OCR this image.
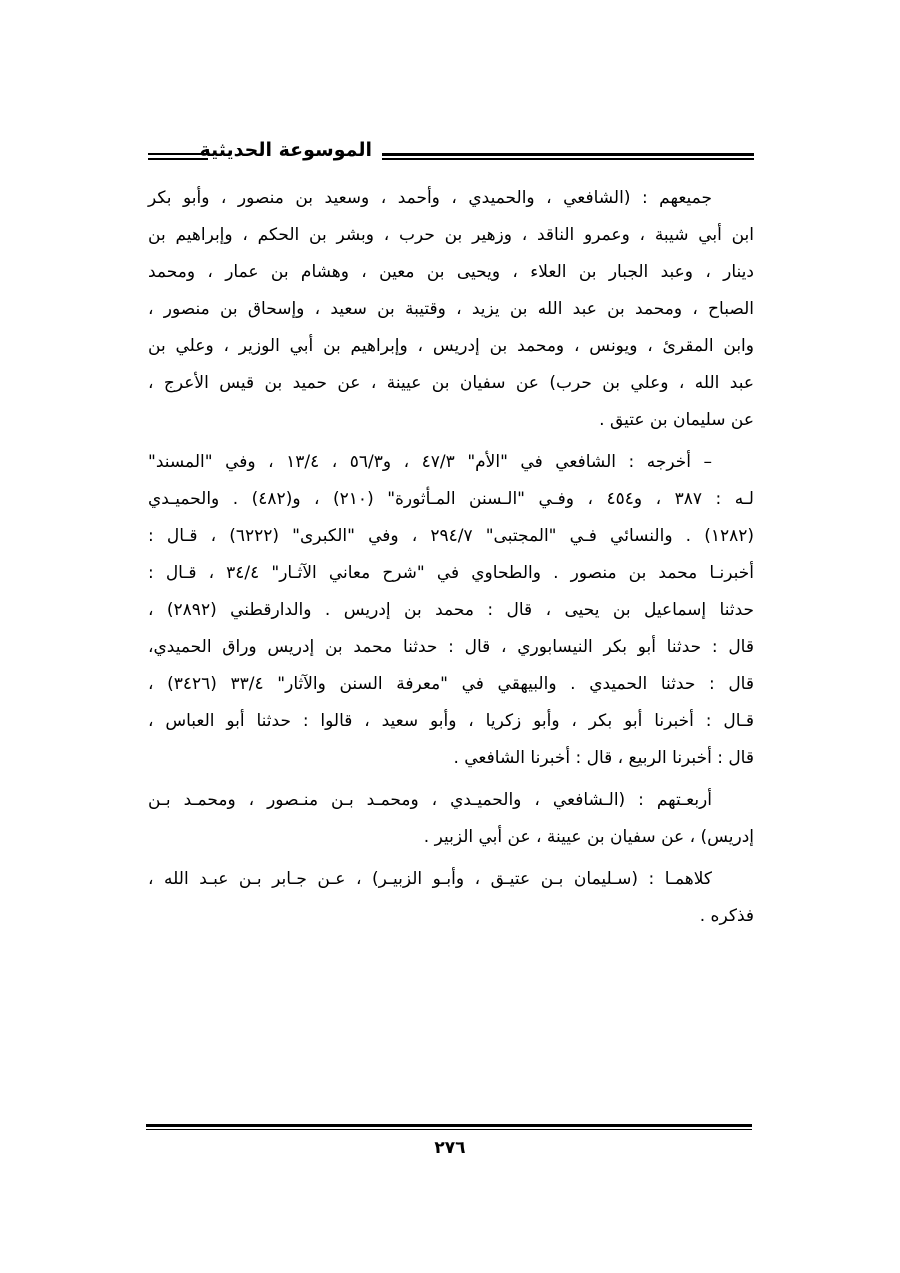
الموسوعة الحديثية
جميعهم : (الشافعي ، والحميدي ، وأحمد ، وسعيد بن منصور ، وأبو بكر
ابن أبي شيبة ، وعمرو الناقد ، وزهير بن حرب ، وبشر بن الحكم ، وإبراهيم بن
دينار ، وعبد الجبار بن العلاء ، ويحيى بن معين ، وهشام بن عمار ، ومحمد
الصباح ، ومحمد بن عبد الله بن يزيد ، وقتيبة بن سعيد ، وإسحاق بن منصور ،
وابن المقرئ ، ويونس ، ومحمد بن إدريس ، وإبراهيم بن أبي الوزير ، وعلي بن
عبد الله ، وعلي بن حرب) عن سفيان بن عيينة ، عن حميد بن قيس الأعرج ،
عن سليمان بن عتيق .
– أخرجه : الشافعي في "الأم" ٤٧/٣ ، و٥٦/٣ ، ١٣/٤ ، وفي "المسند"
لـه : ٣٨٧ ، و٤٥٤ ، وفـي "الـسنن المـأثورة" (٢١٠) ، و(٤٨٢) . والحميـدي
(١٢٨٢) . والنسائي فـي "المجتبى" ٢٩٤/٧ ، وفي "الكبرى" (٦٢٢٢) ، قـال :
أخبرنـا محمد بن منصور . والطحاوي في "شرح معاني الآثـار" ٣٤/٤ ، قـال :
حدثنا إسماعيل بن يحيى ، قال : محمد بن إدريس . والدارقطني (٢٨٩٢) ،
قال : حدثنا أبو بكر النيسابوري ، قال : حدثنا محمد بن إدريس وراق الحميدي،
قال : حدثنا الحميدي . والبيهقي في "معرفة السنن والآثار" ٣٣/٤ (٣٤٢٦) ،
قـال : أخبرنا أبو بكر ، وأبو زكريا ، وأبو سعيد ، قالوا : حدثنا أبو العباس ،
قال : أخبرنا الربيع ، قال : أخبرنا الشافعي .
أربعـتهم : (الـشافعي ، والحميـدي ، ومحمـد بـن منـصور ، ومحمـد بـن
إدريس) ، عن سفيان بن عيينة ، عن أبي الزبير .
كلاهمـا : (سـليمان بـن عتيـق ، وأبـو الزبيـر) ، عـن جـابر بـن عبـد الله ،
فذكره .
٢٧٦
